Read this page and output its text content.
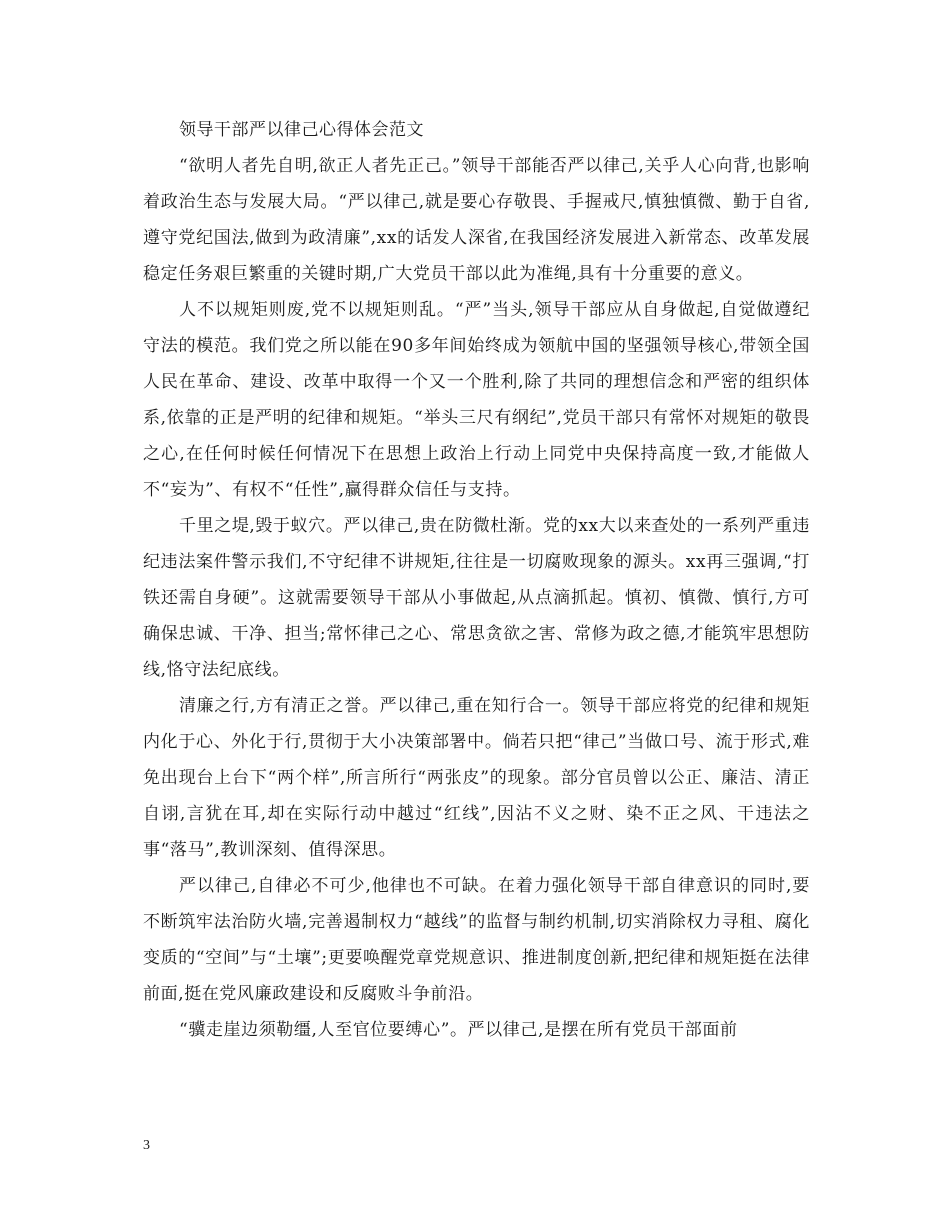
领导干部严以律己心得体会范文

“欲明人者先自明,欲正人者先正己。”领导干部能否严以律己,关乎人心向背,也影响着政治生态与发展大局。“严以律己,就是要心存敬畏、手握戒尺,慎独慎微、勤于自省,遵守党纪国法,做到为政清廉”,xx的话发人深省,在我国经济发展进入新常态、改革发展稳定任务艰巨繁重的关键时期,广大党员干部以此为准绳,具有十分重要的意义。

人不以规矩则废,党不以规矩则乱。“严”当头,领导干部应从自身做起,自觉做遵纪守法的模范。我们党之所以能在90多年间始终成为领航中国的坚强领导核心,带领全国人民在革命、建设、改革中取得一个又一个胜利,除了共同的理想信念和严密的组织体系,依靠的正是严明的纪律和规矩。“举头三尺有纲纪”,党员干部只有常怀对规矩的敬畏之心,在任何时候任何情况下在思想上政治上行动上同党中央保持高度一致,才能做人不“妄为”、有权不“任性”,赢得群众信任与支持。

千里之堤,毁于蚁穴。严以律己,贵在防微杜渐。党的xx大以来查处的一系列严重违纪违法案件警示我们,不守纪律不讲规矩,往往是一切腐败现象的源头。xx再三强调,“打铁还需自身硬”。这就需要领导干部从小事做起,从点滴抓起。慎初、慎微、慎行,方可确保忠诚、干净、担当;常怀律己之心、常思贪欲之害、常修为政之德,才能筑牢思想防线,恪守法纪底线。

清廉之行,方有清正之誉。严以律己,重在知行合一。领导干部应将党的纪律和规矩内化于心、外化于行,贯彻于大小决策部署中。倘若只把“律己”当做口号、流于形式,难免出现台上台下“两个样”,所言所行“两张皮”的现象。部分官员曾以公正、廉洁、清正自诩,言犹在耳,却在实际行动中越过“红线”,因沾不义之财、染不正之风、干违法之事“落马”,教训深刻、值得深思。

严以律己,自律必不可少,他律也不可缺。在着力强化领导干部自律意识的同时,要不断筑牢法治防火墙,完善遏制权力“越线”的监督与制约机制,切实消除权力寻租、腐化变质的“空间”与“土壤”;更要唤醒党章党规意识、推进制度创新,把纪律和规矩挺在法律前面,挺在党风廉政建设和反腐败斗争前沿。

“骥走崖边须勒缰,人至官位要缚心”。严以律己,是摆在所有党员干部面前

3
